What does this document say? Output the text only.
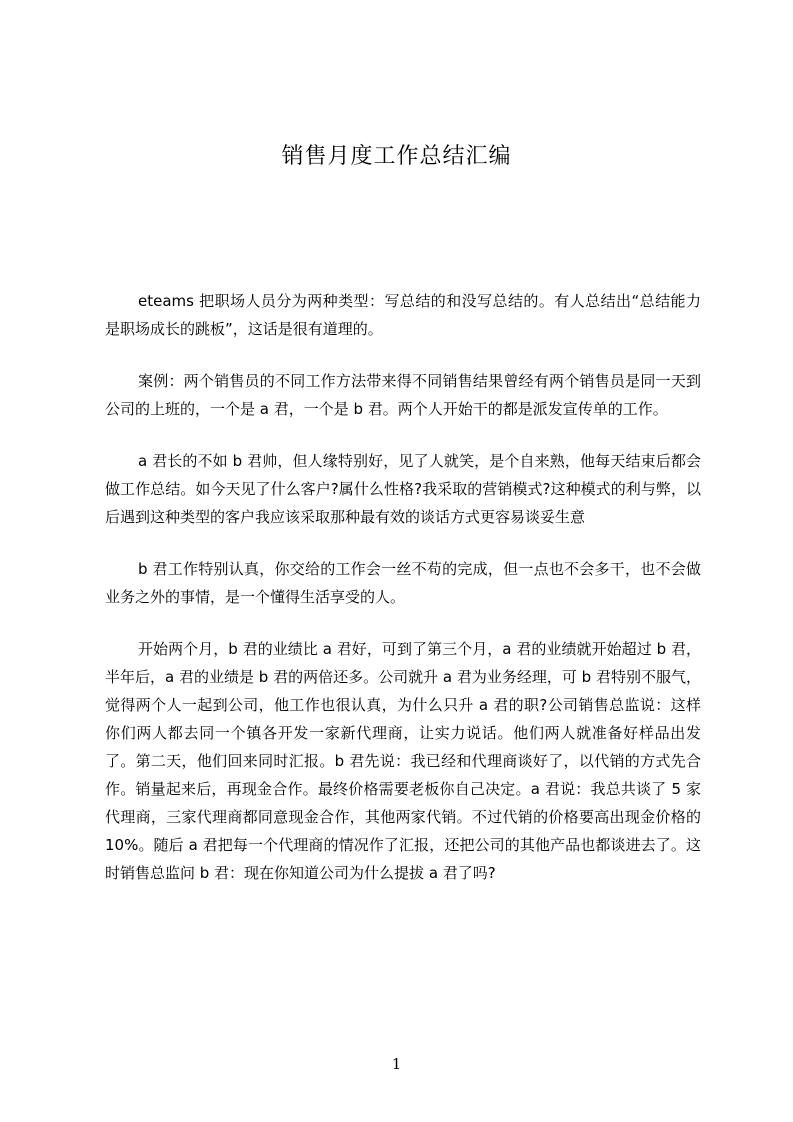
销售月度工作总结汇编

eteams 把职场人员分为两种类型：写总结的和没写总结的。有人总结出“总结能力是职场成长的跳板”，这话是很有道理的。

案例：两个销售员的不同工作方法带来得不同销售结果曾经有两个销售员是同一天到公司的上班的，一个是 a 君，一个是 b 君。两个人开始干的都是派发宣传单的工作。

a 君长的不如 b 君帅，但人缘特别好，见了人就笑，是个自来熟，他每天结束后都会做工作总结。如今天见了什么客户?属什么性格?我采取的营销模式?这种模式的利与弊，以后遇到这种类型的客户我应该采取那种最有效的谈话方式更容易谈妥生意

b 君工作特别认真，你交给的工作会一丝不苟的完成，但一点也不会多干，也不会做业务之外的事情，是一个懂得生活享受的人。

开始两个月，b 君的业绩比 a 君好，可到了第三个月，a 君的业绩就开始超过 b 君，半年后，a 君的业绩是 b 君的两倍还多。公司就升 a 君为业务经理，可 b 君特别不服气，觉得两个人一起到公司，他工作也很认真，为什么只升 a 君的职?公司销售总监说：这样你们两人都去同一个镇各开发一家新代理商，让实力说话。他们两人就准备好样品出发了。第二天，他们回来同时汇报。b 君先说：我已经和代理商谈好了，以代销的方式先合作。销量起来后，再现金合作。最终价格需要老板你自己决定。a 君说：我总共谈了 5 家代理商，三家代理商都同意现金合作，其他两家代销。不过代销的价格要高出现金价格的 10%。随后 a 君把每一个代理商的情况作了汇报，还把公司的其他产品也都谈进去了。这时销售总监问 b 君：现在你知道公司为什么提拔 a 君了吗?

1
